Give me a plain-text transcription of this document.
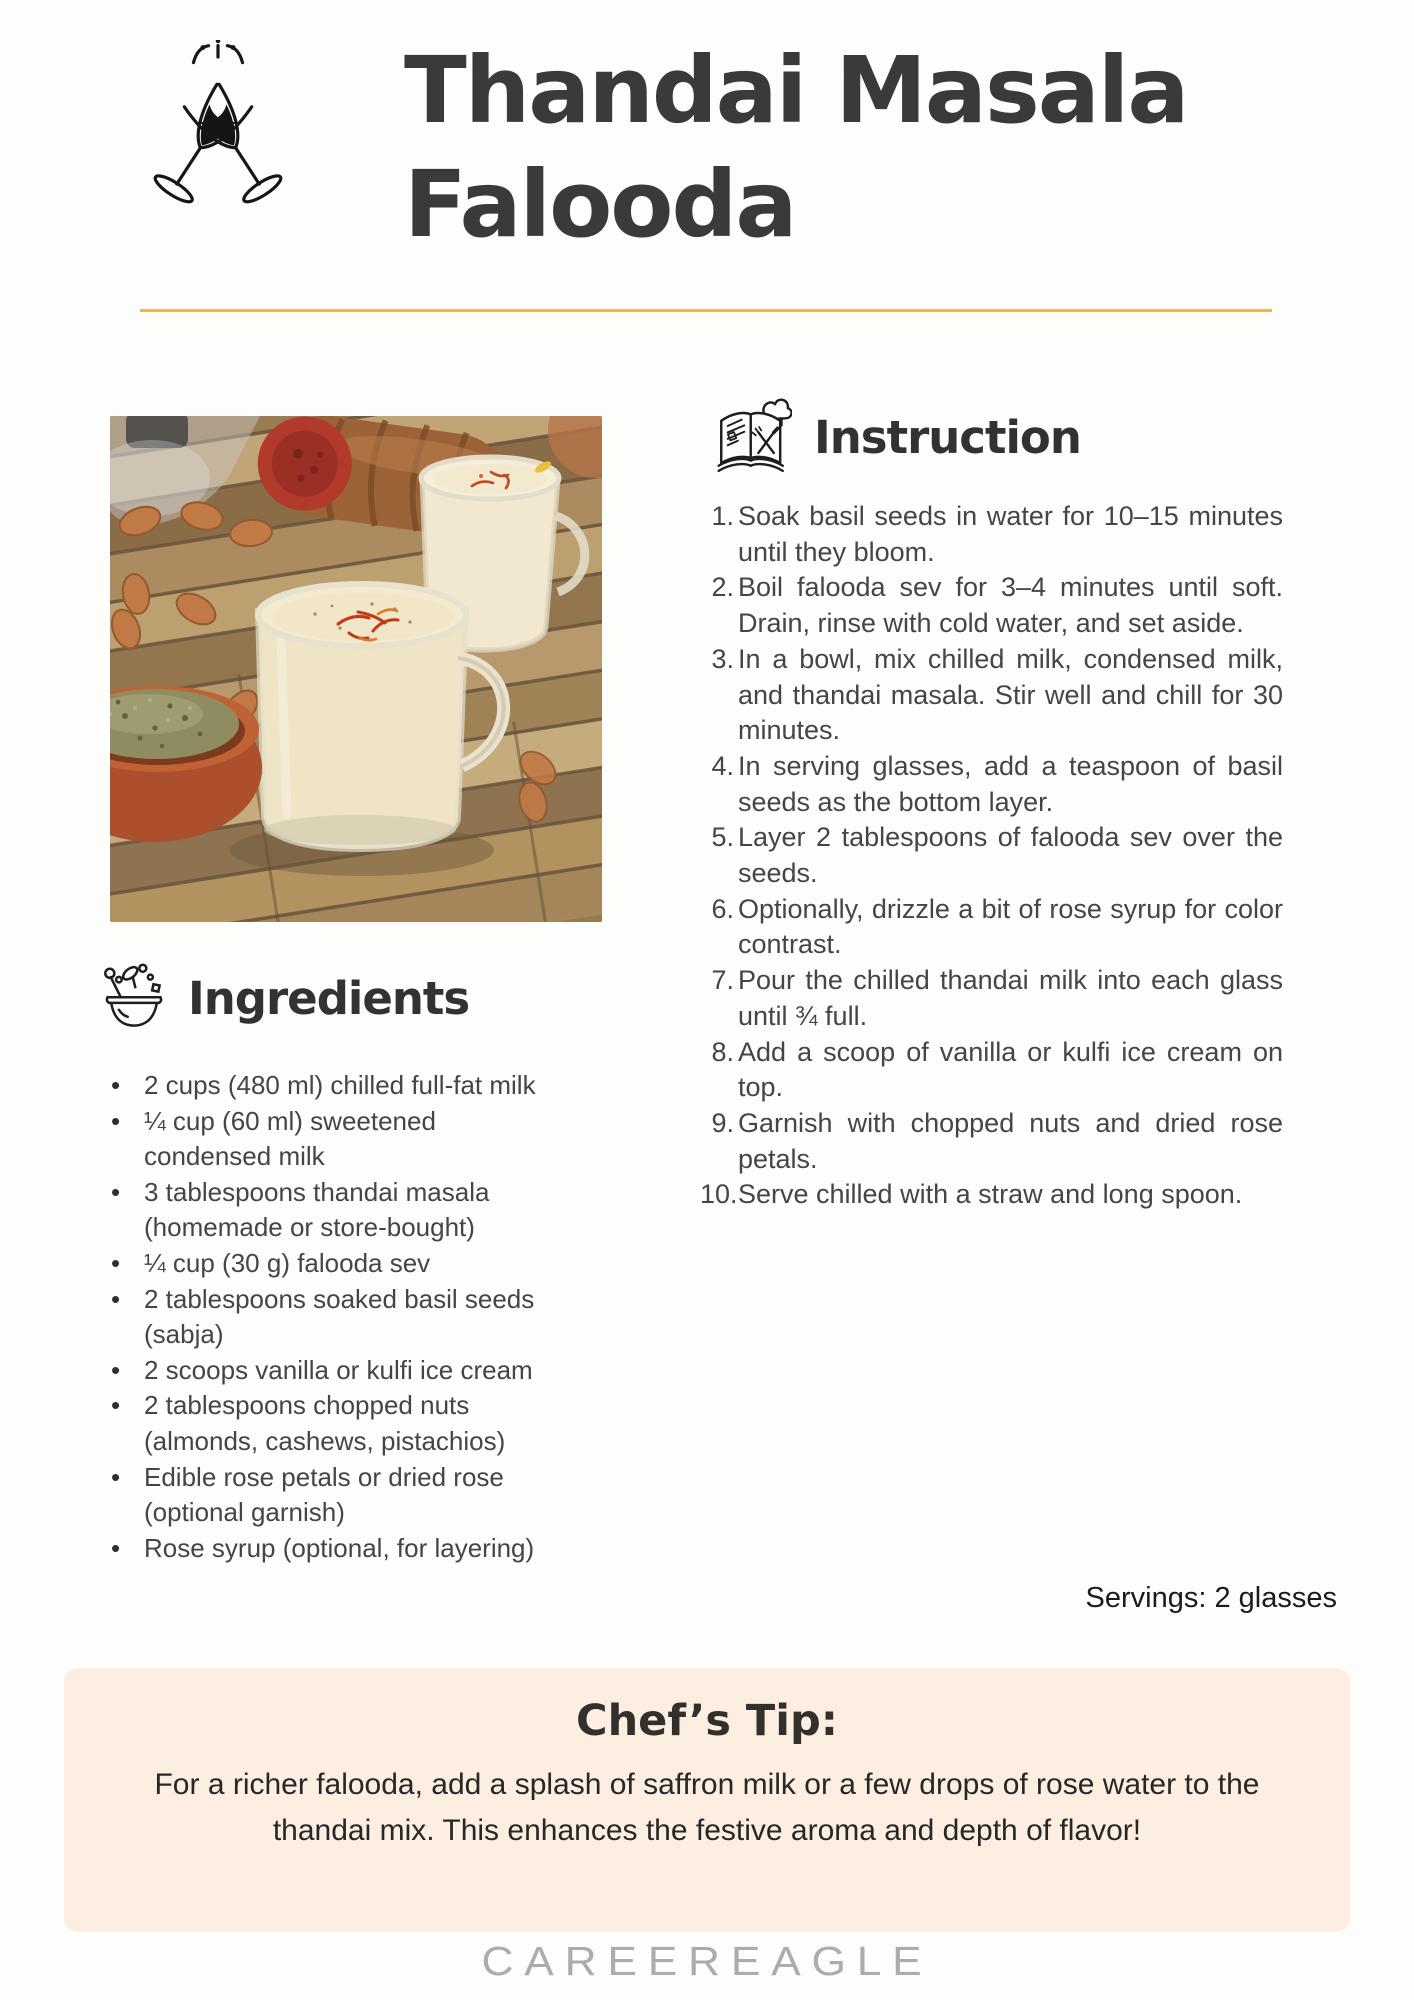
Thandai Masala
Falooda
Ingredients
• 2 cups (480 ml) chilled full-fat milk
• ¼ cup (60 ml) sweetened condensed milk
• 3 tablespoons thandai masala (homemade or store-bought)
• ¼ cup (30 g) falooda sev
• 2 tablespoons soaked basil seeds (sabja)
• 2 scoops vanilla or kulfi ice cream
• 2 tablespoons chopped nuts (almonds, cashews, pistachios)
• Edible rose petals or dried rose (optional garnish)
• Rose syrup (optional, for layering)
Instruction
Soak basil seeds in water for 10–15 minutes until they bloom.
Boil falooda sev for 3–4 minutes until soft. Drain, rinse with cold water, and set aside.
In a bowl, mix chilled milk, condensed milk, and thandai masala. Stir well and chill for 30 minutes.
In serving glasses, add a teaspoon of basil seeds as the bottom layer.
Layer 2 tablespoons of falooda sev over the seeds.
Optionally, drizzle a bit of rose syrup for color contrast.
Pour the chilled thandai milk into each glass until ¾ full.
Add a scoop of vanilla or kulfi ice cream on top.
Garnish with chopped nuts and dried rose petals.
Serve chilled with a straw and long spoon.
Servings: 2 glasses
Chef’s Tip:
For a richer falooda, add a splash of saffron milk or a few drops of rose water to the thandai mix. This enhances the festive aroma and depth of flavor!
CAREEREAGLE
